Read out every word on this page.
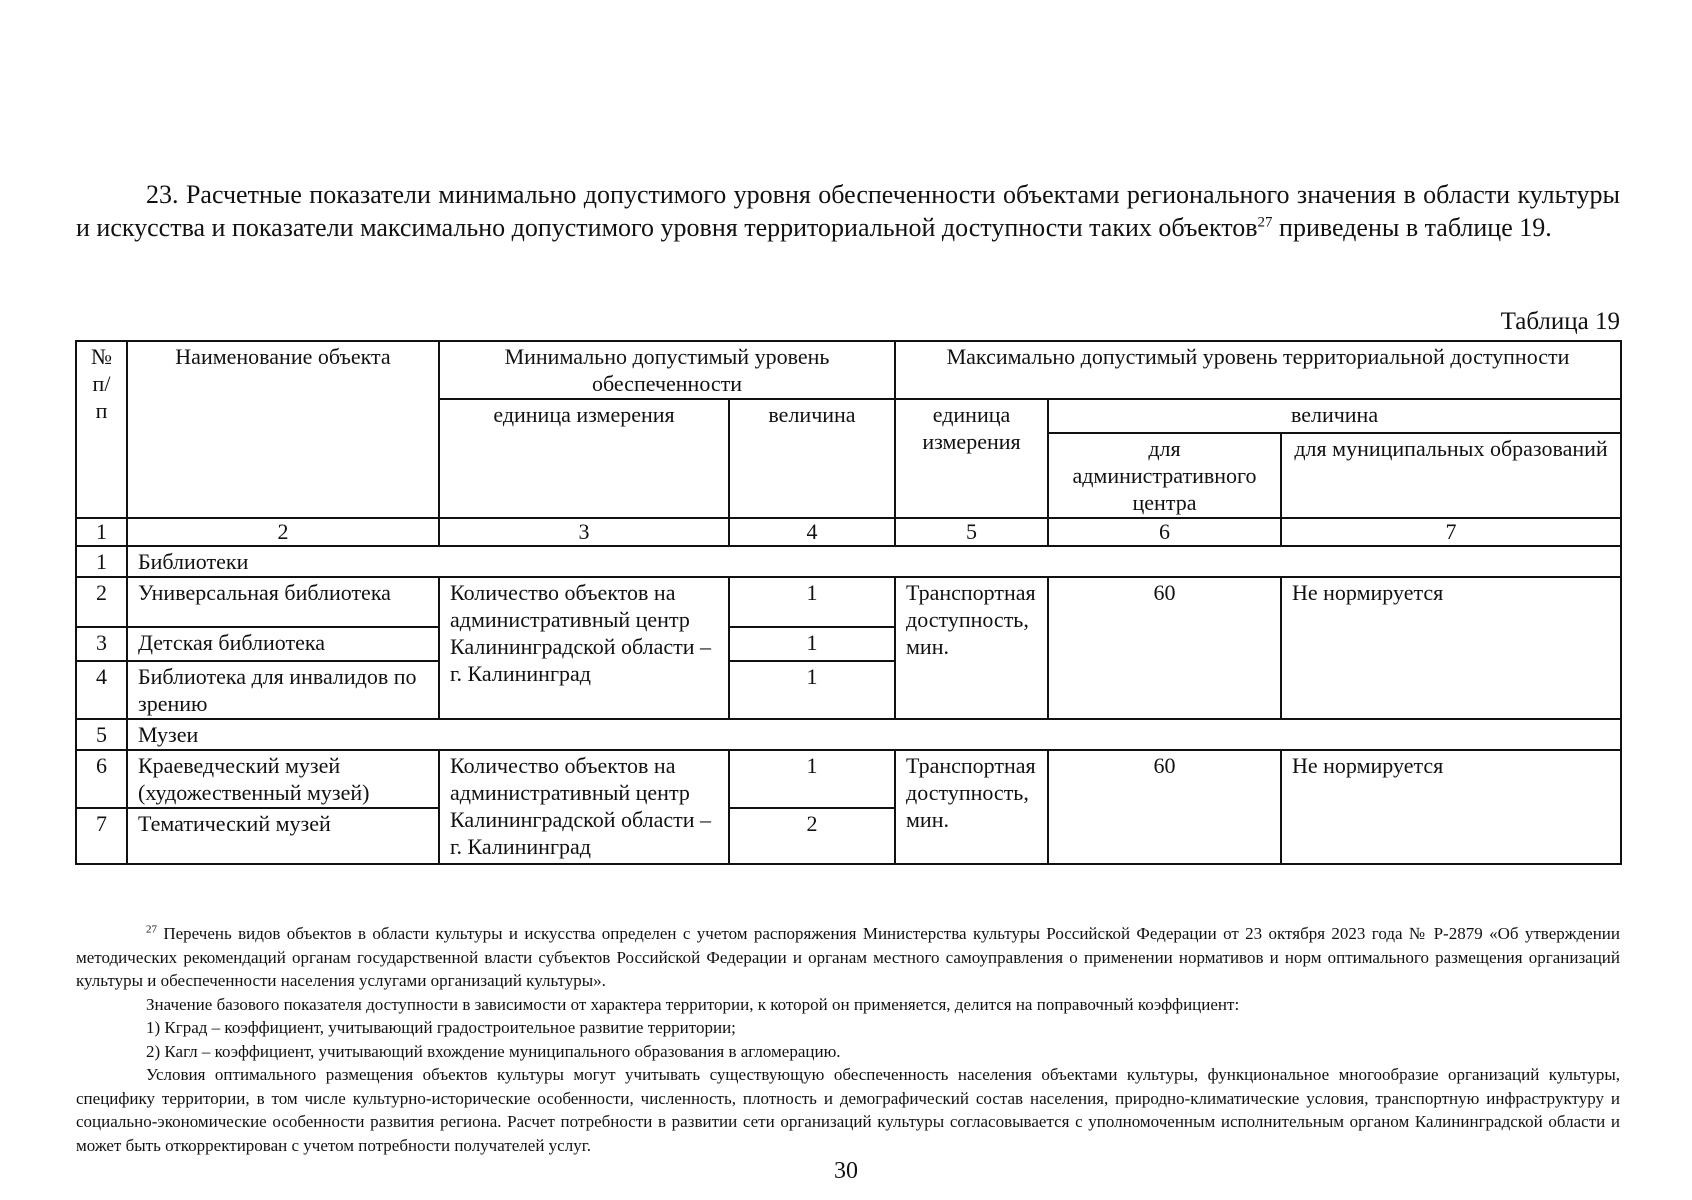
23. Расчетные показатели минимально допустимого уровня обеспеченности объектами регионального значения в области культуры и искусства и показатели максимально допустимого уровня территориальной доступности таких объектов$^{27}$ приведены в таблице 19.
Таблица 19
№ п/п	Наименование объекта	Минимально допустимый уровень обеспеченности		Максимально допустимый уровень территориальной доступности		
		единица измерения	величина	единица измерения	величина	
					для административного центра	для муниципальных образований
1	2	3	4	5	6	7
1	Библиотеки					
2	Универсальная библиотека	Количество объектов на административный центр Калининградской области – г. Калининград	1	Транспортная доступность, мин.	60	Не нормируется
3	Детская библиотека		1			
4	Библиотека для инвалидов по зрению		1			
5	Музеи					
6	Краеведческий музей (художественный музей)	Количество объектов на административный центр Калининградской области – г. Калининград	1	Транспортная доступность, мин.	60	Не нормируется
7	Тематический музей		2			

$^{27}$ Перечень видов объектов в области культуры и искусства определен с учетом распоряжения Министерства культуры Российской Федерации от 23 октября 2023 года № Р-2879 «Об утверждении методических рекомендаций органам государственной власти субъектов Российской Федерации и органам местного самоуправления о применении нормативов и норм оптимального размещения организаций культуры и обеспеченности населения услугами организаций культуры».

Значение базового показателя доступности в зависимости от характера территории, к которой он применяется, делится на поправочный коэффициент:

1) Кград – коэффициент, учитывающий градостроительное развитие территории;

2) Кагл – коэффициент, учитывающий вхождение муниципального образования в агломерацию.

Условия оптимального размещения объектов культуры могут учитывать существующую обеспеченность населения объектами культуры, функциональное многообразие организаций культуры, специфику территории, в том числе культурно-исторические особенности, численность, плотность и демографический состав населения, природно-климатические условия, транспортную инфраструктуру и социально-экономические особенности развития региона. Расчет потребности в развитии сети организаций культуры согласовывается с уполномоченным исполнительным органом Калининградской области и может быть откорректирован с учетом потребности получателей услуг.

30
